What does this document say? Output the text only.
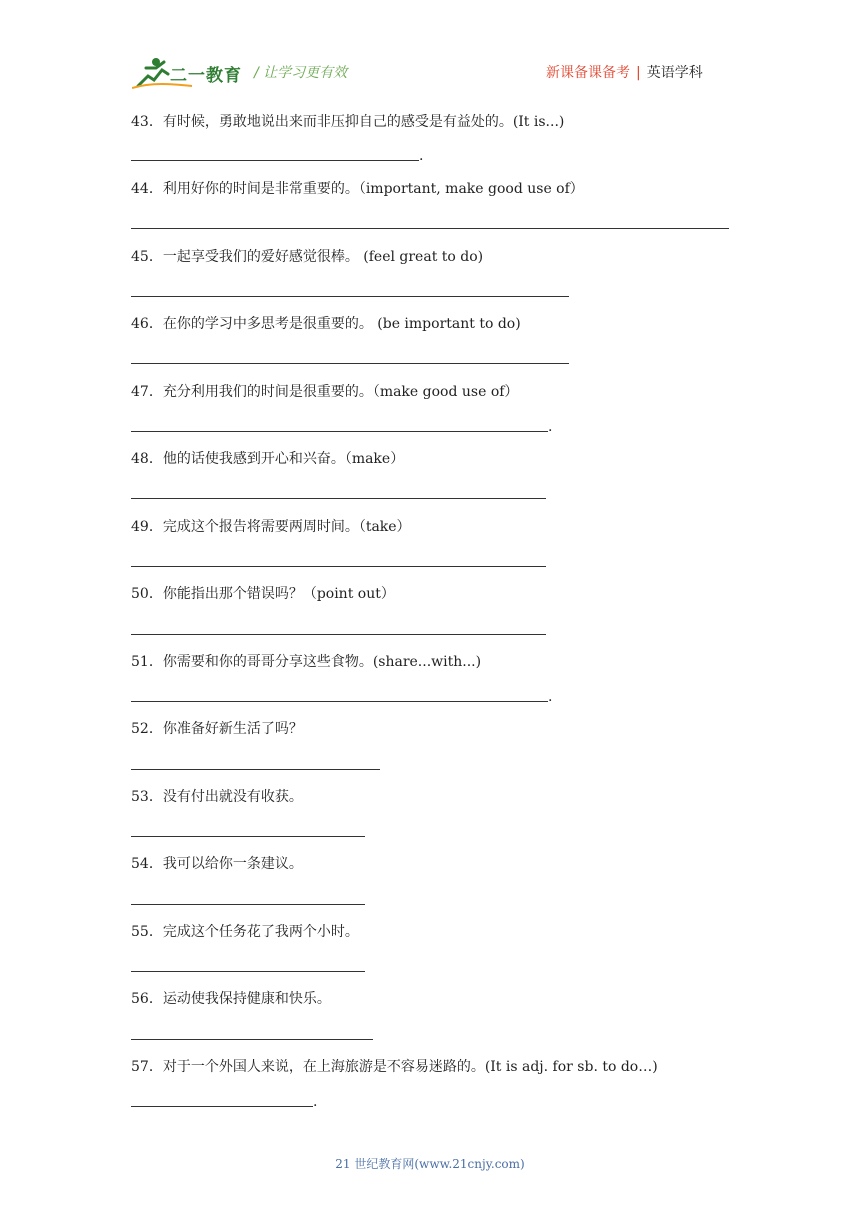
二一教育 / 让学习更有效	新课备课备考 | 英语学科
43．有时候，勇敢地说出来而非压抑自己的感受是有益处的。(It is...)
.
44．利用好你的时间是非常重要的。（important, make good use of）
45．一起享受我们的爱好感觉很棒。 (feel great to do)
46．在你的学习中多思考是很重要的。 (be important to do)
47．充分利用我们的时间是很重要的。（make good use of）
.
48．他的话使我感到开心和兴奋。（make）
49．完成这个报告将需要两周时间。（take）
50．你能指出那个错误吗？（point out）
51．你需要和你的哥哥分享这些食物。(share...with...)
.
52．你准备好新生活了吗？
53．没有付出就没有收获。
54．我可以给你一条建议。
55．完成这个任务花了我两个小时。
56．运动使我保持健康和快乐。
57．对于一个外国人来说，在上海旅游是不容易迷路的。(It is adj. for sb. to do…)
.
21 世纪教育网(www.21cnjy.com)
